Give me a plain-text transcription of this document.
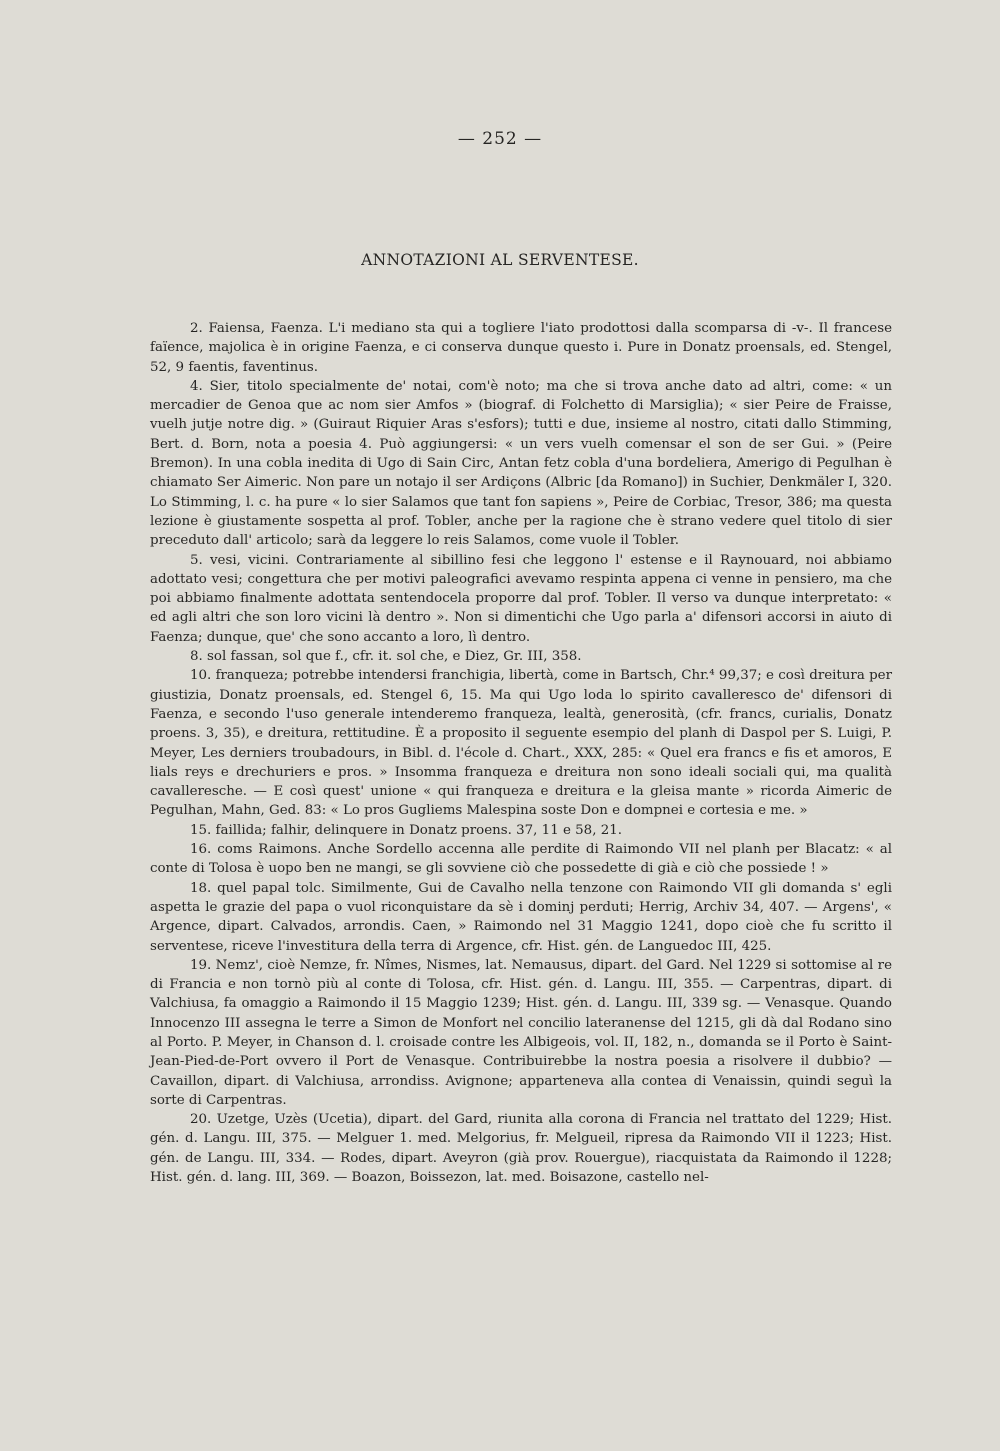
— 252 —
ANNOTAZIONI AL SERVENTESE.

2. Faiensa, Faenza. L'i mediano sta qui a togliere l'iato prodottosi dalla scomparsa di -v-. Il francese faïence, majolica è in origine Faenza, e ci conserva dunque questo i. Pure in Donatz proensals, ed. Stengel, 52, 9 faentis, faventinus.

4. Sier, titolo specialmente de' notai, com'è noto; ma che si trova anche dato ad altri, come: « un mercadier de Genoa que ac nom sier Amfos » (biograf. di Folchetto di Marsiglia); « sier Peire de Fraisse, vuelh jutje notre dig. » (Guiraut Riquier Aras s'esfors); tutti e due, insieme al nostro, citati dallo Stimming, Bert. d. Born, nota a poesia 4. Può aggiungersi: « un vers vuelh comensar el son de ser Gui. » (Peire Bremon). In una cobla inedita di Ugo di Sain Circ, Antan fetz cobla d'una bordeliera, Amerigo di Pegulhan è chiamato Ser Aimeric. Non pare un notajo il ser Ardiçons (Albric [da Romano]) in Suchier, Denkmäler I, 320. Lo Stimming, l. c. ha pure « lo sier Salamos que tant fon sapiens », Peire de Corbiac, Tresor, 386; ma questa lezione è giustamente sospetta al prof. Tobler, anche per la ragione che è strano vedere quel titolo di sier preceduto dall' articolo; sarà da leggere lo reis Salamos, come vuole il Tobler.

5. vesi, vicini. Contrariamente al sibillino fesi che leggono l' estense e il Raynouard, noi abbiamo adottato vesi; congettura che per motivi paleografici avevamo respinta appena ci venne in pensiero, ma che poi abbiamo finalmente adottata sentendocela proporre dal prof. Tobler. Il verso va dunque interpretato: « ed agli altri che son loro vicini là dentro ». Non si dimentichi che Ugo parla a' difensori accorsi in aiuto di Faenza; dunque, que' che sono accanto a loro, lì dentro.

8. sol fassan, sol que f., cfr. it. sol che, e Diez, Gr. III, 358.

10. franqueza; potrebbe intendersi franchigia, libertà, come in Bartsch, Chr.⁴ 99,37; e così dreitura per giustizia, Donatz proensals, ed. Stengel 6, 15. Ma qui Ugo loda lo spirito cavalleresco de' difensori di Faenza, e secondo l'uso generale intenderemo franqueza, lealtà, generosità, (cfr. francs, curialis, Donatz proens. 3, 35), e dreitura, rettitudine. È a proposito il seguente esempio del planh di Daspol per S. Luigi, P. Meyer, Les derniers troubadours, in Bibl. d. l'école d. Chart., XXX, 285: « Quel era francs e fis et amoros, E lials reys e drechuriers e pros. » Insomma franqueza e dreitura non sono ideali sociali qui, ma qualità cavalleresche. — E così quest' unione « qui franqueza e dreitura e la gleisa mante » ricorda Aimeric de Pegulhan, Mahn, Ged. 83: « Lo pros Gugliems Malespina soste Don e dompnei e cortesia e me. »

15. faillida; falhir, delinquere in Donatz proens. 37, 11 e 58, 21.

16. coms Raimons. Anche Sordello accenna alle perdite di Raimondo VII nel planh per Blacatz: « al conte di Tolosa è uopo ben ne mangi, se gli sovviene ciò che possedette di già e ciò che possiede ! »

18. quel papal tolc. Similmente, Gui de Cavalho nella tenzone con Raimondo VII gli domanda s' egli aspetta le grazie del papa o vuol riconquistare da sè i dominj perduti; Herrig, Archiv 34, 407. — Argens', « Argence, dipart. Calvados, arrondis. Caen, » Raimondo nel 31 Maggio 1241, dopo cioè che fu scritto il serventese, riceve l'investitura della terra di Argence, cfr. Hist. gén. de Languedoc III, 425.

19. Nemz', cioè Nemze, fr. Nîmes, Nismes, lat. Nemausus, dipart. del Gard. Nel 1229 si sottomise al re di Francia e non tornò più al conte di Tolosa, cfr. Hist. gén. d. Langu. III, 355. — Carpentras, dipart. di Valchiusa, fa omaggio a Raimondo il 15 Maggio 1239; Hist. gén. d. Langu. III, 339 sg. — Venasque. Quando Innocenzo III assegna le terre a Simon de Monfort nel concilio lateranense del 1215, gli dà dal Rodano sino al Porto. P. Meyer, in Chanson d. l. croisade contre les Albigeois, vol. II, 182, n., domanda se il Porto è Saint-Jean-Pied-de-Port ovvero il Port de Venasque. Contribuirebbe la nostra poesia a risolvere il dubbio? — Cavaillon, dipart. di Valchiusa, arrondiss. Avignone; apparteneva alla contea di Venaissin, quindi seguì la sorte di Carpentras.

20. Uzetge, Uzès (Ucetia), dipart. del Gard, riunita alla corona di Francia nel trattato del 1229; Hist. gén. d. Langu. III, 375. — Melguer 1. med. Melgorius, fr. Melgueil, ripresa da Raimondo VII il 1223; Hist. gén. de Langu. III, 334. — Rodes, dipart. Aveyron (già prov. Rouergue), riacquistata da Raimondo il 1228; Hist. gén. d. lang. III, 369. — Boazon, Boissezon, lat. med. Boisazone, castello nel-
